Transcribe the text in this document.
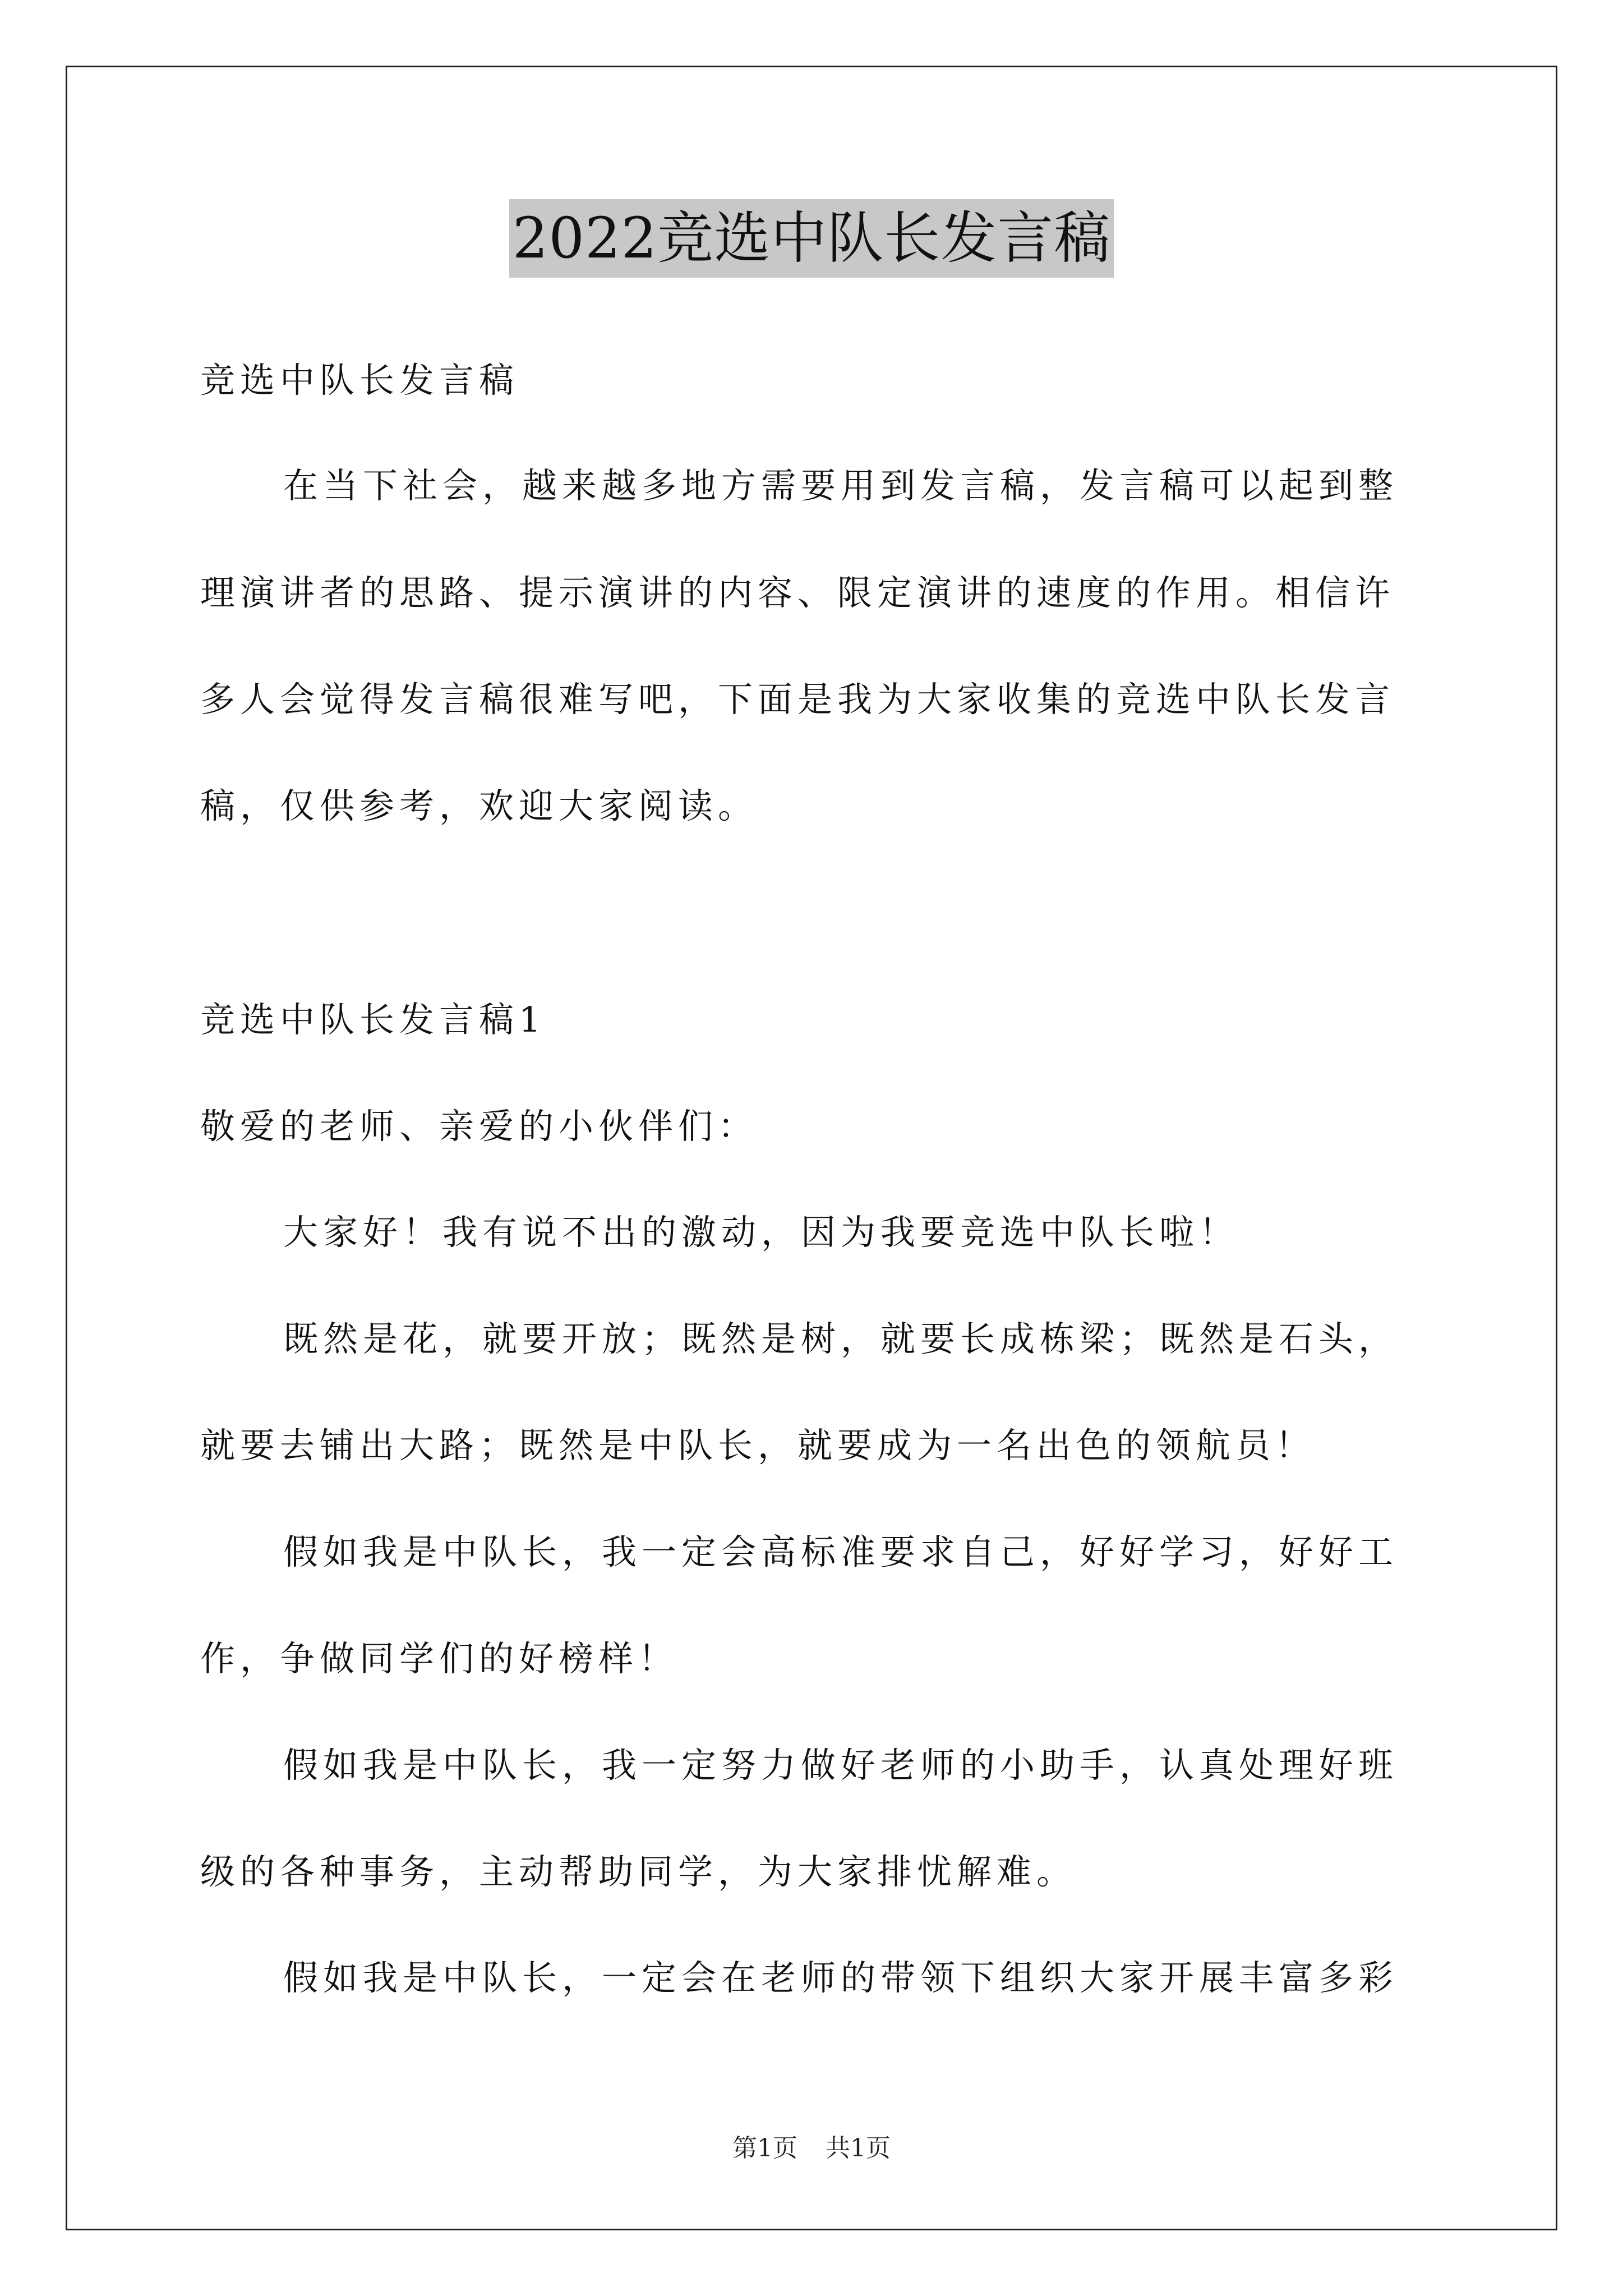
2022竞选中队长发言稿
竞选中队长发言稿
在当下社会，越来越多地方需要用到发言稿，发言稿可以起到整
理演讲者的思路、提示演讲的内容、限定演讲的速度的作用。相信许
多人会觉得发言稿很难写吧，下面是我为大家收集的竞选中队长发言
稿，仅供参考，欢迎大家阅读。
竞选中队长发言稿1
敬爱的老师、亲爱的小伙伴们：
大家好！我有说不出的激动，因为我要竞选中队长啦！
既然是花，就要开放；既然是树，就要长成栋梁；既然是石头，
就要去铺出大路；既然是中队长，就要成为一名出色的领航员！
假如我是中队长，我一定会高标准要求自己，好好学习，好好工
作，争做同学们的好榜样！
假如我是中队长，我一定努力做好老师的小助手，认真处理好班
级的各种事务，主动帮助同学，为大家排忧解难。
假如我是中队长，一定会在老师的带领下组织大家开展丰富多彩
第1页 共1页
